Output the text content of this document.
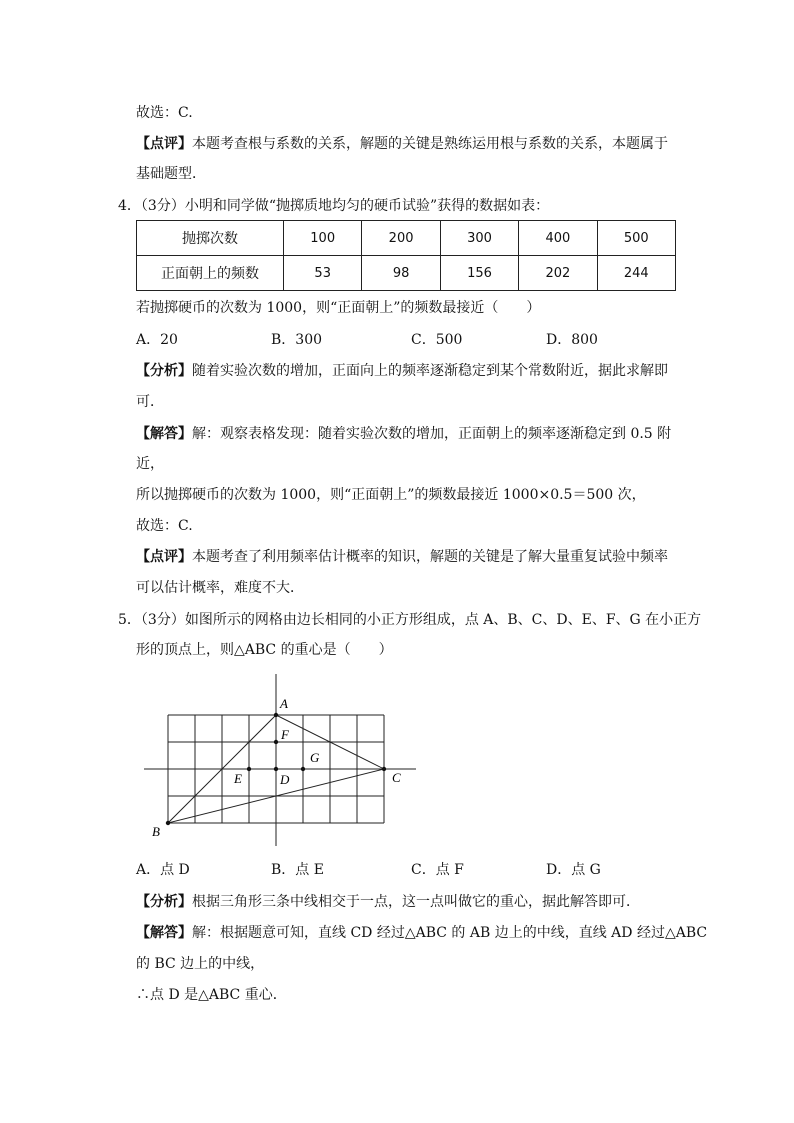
故选：C.
【点评】本题考查根与系数的关系，解题的关键是熟练运用根与系数的关系，本题属于
基础题型．
4．（3分）小明和同学做“抛掷质地均匀的硬币试验”获得的数据如表：
抛掷次数	100	200	300	400	500
正面朝上的频数	53	98	156	202	244
若抛掷硬币的次数为 1000，则“正面朝上”的频数最接近（　　）
A．20	B．300	C．500	D．800
【分析】随着实验次数的增加，正面向上的频率逐渐稳定到某个常数附近，据此求解即
可．
【解答】解：观察表格发现：随着实验次数的增加，正面朝上的频率逐渐稳定到 0.5 附
近，
所以抛掷硬币的次数为 1000，则“正面朝上”的频数最接近 1000×0.5＝500 次，
故选：C.
【点评】本题考查了利用频率估计概率的知识，解题的关键是了解大量重复试验中频率
可以估计概率，难度不大．
5．（3分）如图所示的网格由边长相同的小正方形组成，点 A、B、C、D、E、F、G 在小正方
形的顶点上，则△ABC 的重心是（　　）
A
F
G
E	D	C
B
A．点 D	B．点 E	C．点 F	D．点 G
【分析】根据三角形三条中线相交于一点，这一点叫做它的重心，据此解答即可．
【解答】解：根据题意可知，直线 CD 经过△ABC 的 AB 边上的中线，直线 AD 经过△ABC
的 BC 边上的中线，
∴点 D 是△ABC 重心．
